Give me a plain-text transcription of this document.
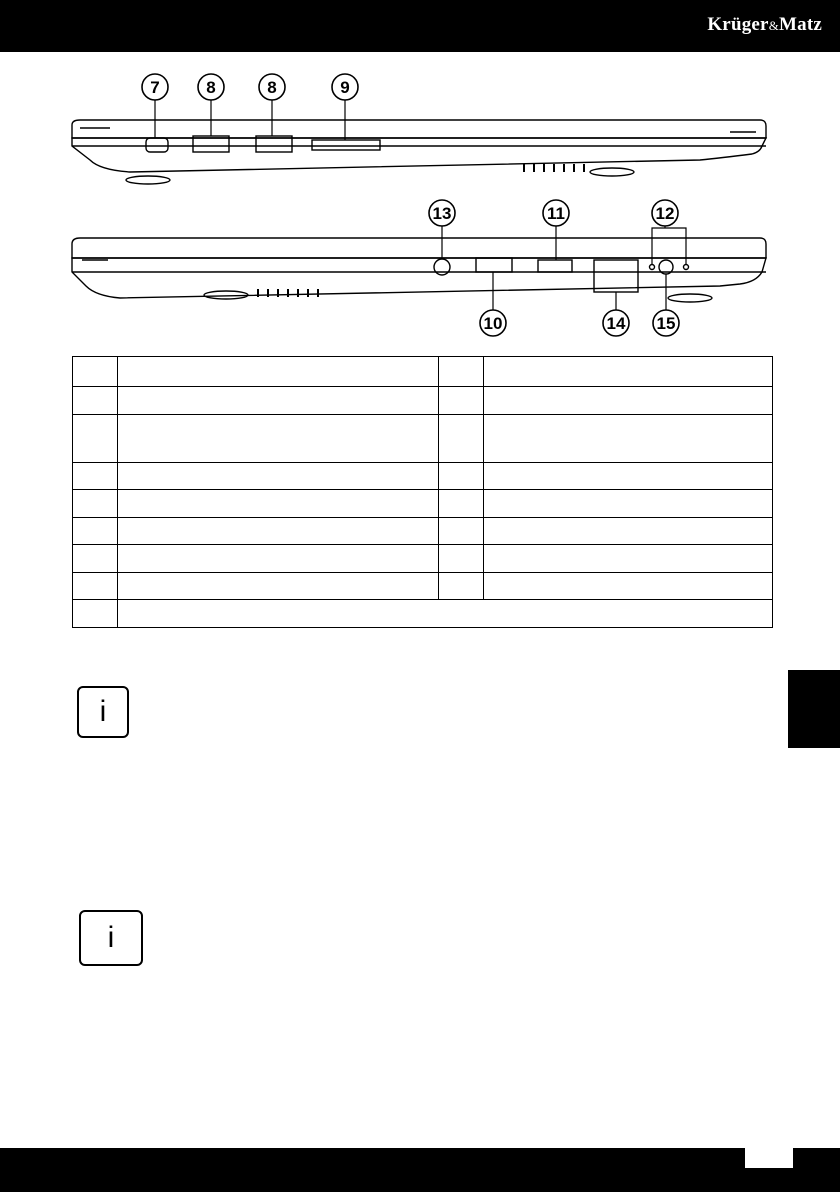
Krüger&Matz
7	8	8	9
13	11	12
10	14 15

i
i
